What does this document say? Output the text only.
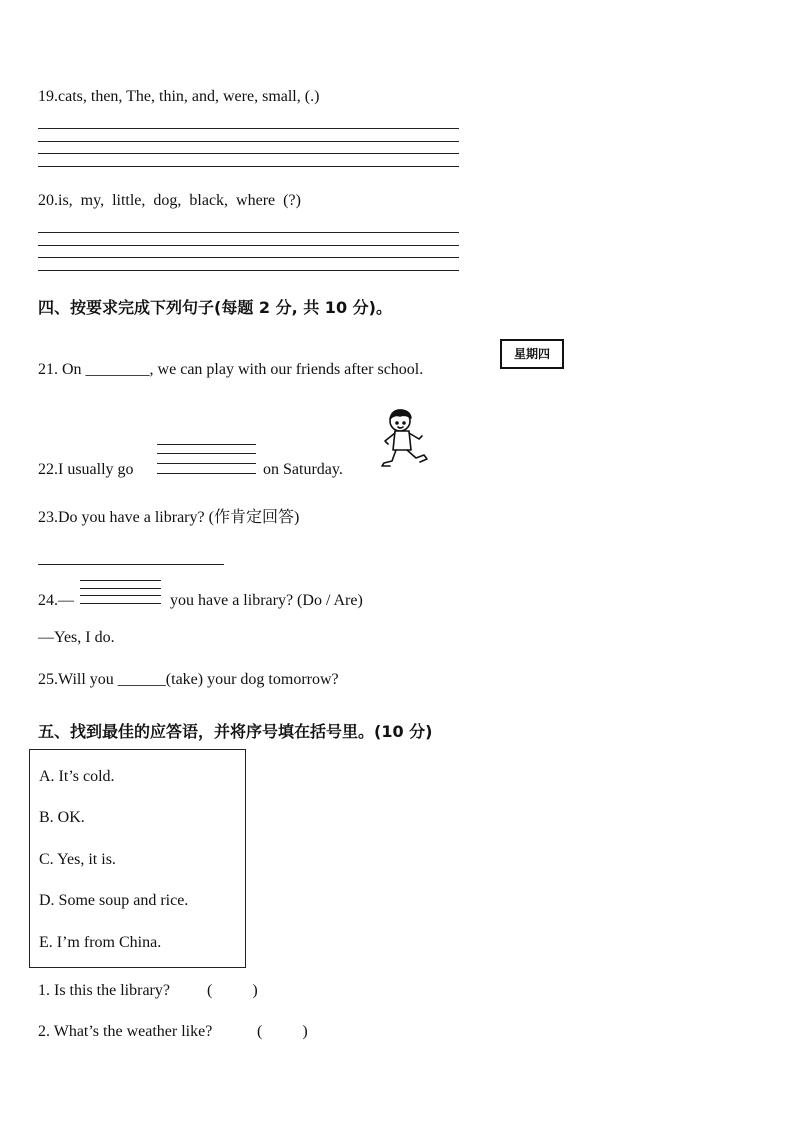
19.cats, then, The, thin, and, were, small, (.)
20.is,  my,  little,  dog,  black,  where  (?)
四、按要求完成下列句子(每题 2 分, 共 10 分)。
21. On ________, we can play with our friends after school.
星期四
22.I usually go	on Saturday.
23.Do you have a library? (作肯定回答)
24.—	you have a library? (Do / Are)
—Yes, I do.
25.Will you ______(take) your dog tomorrow?
五、找到最佳的应答语，并将序号填在括号里。(10 分)
A. It’s cold.
B. OK.
C. Yes, it is.
D. Some soup and rice.
E. I’m from China.
1. Is this the library? (          )
2. What’s the weather like?	(          )
